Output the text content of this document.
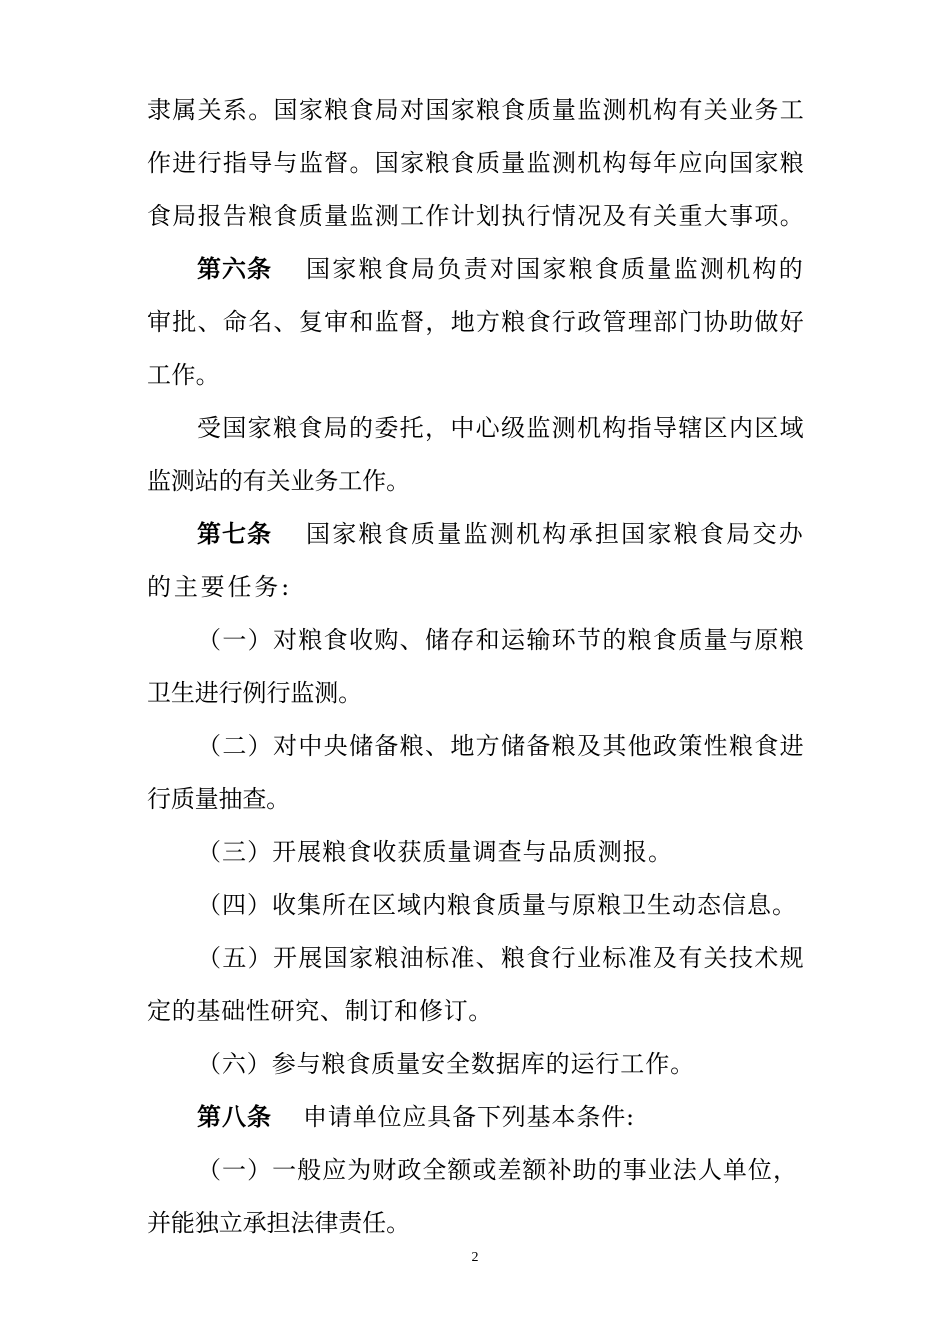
隶属关系。国家粮食局对国家粮食质量监测机构有关业务工
作进行指导与监督。国家粮食质量监测机构每年应向国家粮
食局报告粮食质量监测工作计划执行情况及有关重大事项。
第六条 国家粮食局负责对国家粮食质量监测机构的
审批、命名、复审和监督，地方粮食行政管理部门协助做好
工作。
受国家粮食局的委托，中心级监测机构指导辖区内区域
监测站的有关业务工作。
第七条 国家粮食质量监测机构承担国家粮食局交办
的主要任务:
（一）对粮食收购、储存和运输环节的粮食质量与原粮
卫生进行例行监测。
（二）对中央储备粮、地方储备粮及其他政策性粮食进
行质量抽查。
（三）开展粮食收获质量调查与品质测报。
（四）收集所在区域内粮食质量与原粮卫生动态信息。
（五）开展国家粮油标准、粮食行业标准及有关技术规
定的基础性研究、制订和修订。
（六）参与粮食质量安全数据库的运行工作。
第八条 申请单位应具备下列基本条件:
（一）一般应为财政全额或差额补助的事业法人单位，
并能独立承担法律责任。
2
